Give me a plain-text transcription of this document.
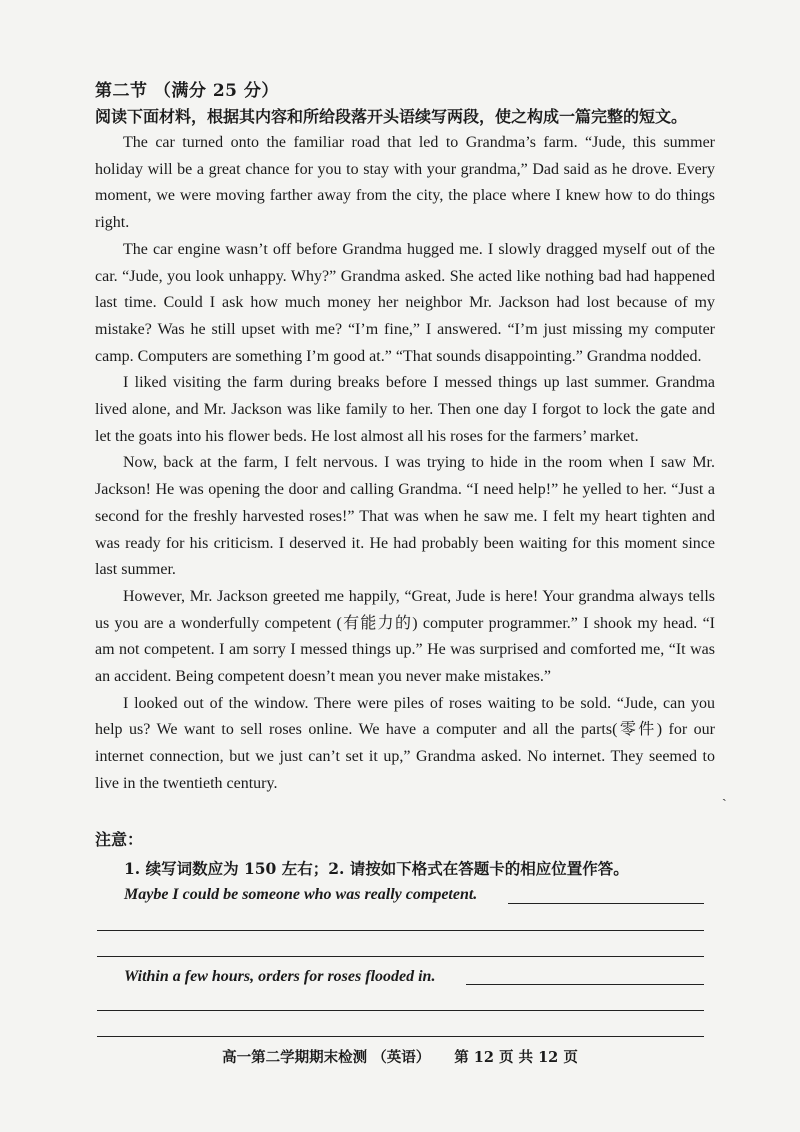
第二节 （满分 25 分）
阅读下面材料，根据其内容和所给段落开头语续写两段，使之构成一篇完整的短文。

The car turned onto the familiar road that led to Grandma’s farm. “Jude, this summer holiday will be a great chance for you to stay with your grandma,” Dad said as he drove. Every moment, we were moving farther away from the city, the place where I knew how to do things right.

The car engine wasn’t off before Grandma hugged me. I slowly dragged myself out of the car. “Jude, you look unhappy. Why?” Grandma asked. She acted like nothing bad had happened last time. Could I ask how much money her neighbor Mr. Jackson had lost because of my mistake? Was he still upset with me? “I’m fine,” I answered. “I’m just missing my computer camp. Computers are something I’m good at.” “That sounds disappointing.” Grandma nodded.

I liked visiting the farm during breaks before I messed things up last summer. Grandma lived alone, and Mr. Jackson was like family to her. Then one day I forgot to lock the gate and let the goats into his flower beds. He lost almost all his roses for the farmers’ market.

Now, back at the farm, I felt nervous. I was trying to hide in the room when I saw Mr. Jackson! He was opening the door and calling Grandma. “I need help!” he yelled to her. “Just a second for the freshly harvested roses!” That was when he saw me. I felt my heart tighten and was ready for his criticism. I deserved it. He had probably been waiting for this moment since last summer.

However, Mr. Jackson greeted me happily, “Great, Jude is here! Your grandma always tells us you are a wonderfully competent (有能力的) computer programmer.” I shook my head. “I am not competent. I am sorry I messed things up.” He was surprised and comforted me, “It was an accident. Being competent doesn’t mean you never make mistakes.”

I looked out of the window. There were piles of roses waiting to be sold. “Jude, can you help us? We want to sell roses online. We have a computer and all the parts(零件) for our internet connection, but we just can’t set it up,” Grandma asked. No internet. They seemed to live in the twentieth century.

注意：
1. 续写词数应为 150 左右；2. 请按如下格式在答题卡的相应位置作答。
Maybe I could be someone who was really competent.
Within a few hours, orders for roses flooded in.
ˏ
高一第二学期期末检测 （英语） 第 12 页 共 12 页
